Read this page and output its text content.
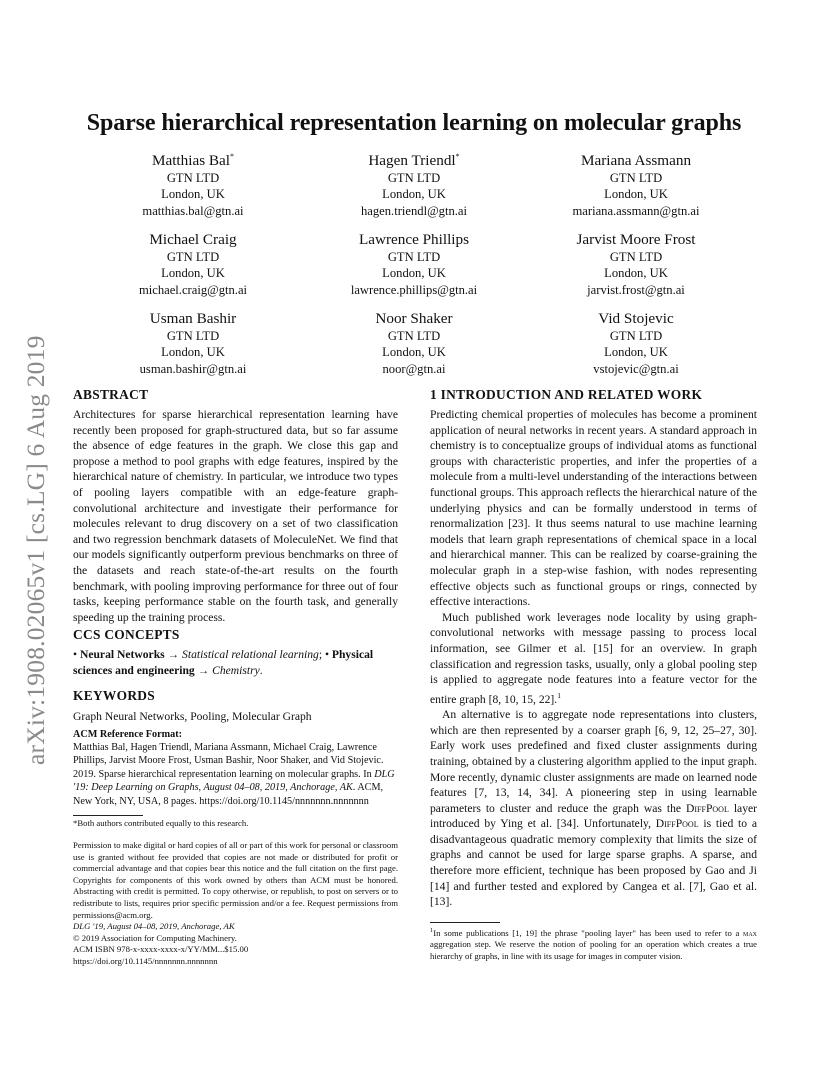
arXiv:1908.02065v1 [cs.LG] 6 Aug 2019
Sparse hierarchical representation learning on molecular graphs
Matthias Bal*
GTN LTD
London, UK
matthias.bal@gtn.ai
Hagen Triendl*
GTN LTD
London, UK
hagen.triendl@gtn.ai
Mariana Assmann
GTN LTD
London, UK
mariana.assmann@gtn.ai
Michael Craig
GTN LTD
London, UK
michael.craig@gtn.ai
Lawrence Phillips
GTN LTD
London, UK
lawrence.phillips@gtn.ai
Jarvist Moore Frost
GTN LTD
London, UK
jarvist.frost@gtn.ai
Usman Bashir
GTN LTD
London, UK
usman.bashir@gtn.ai
Noor Shaker
GTN LTD
London, UK
noor@gtn.ai
Vid Stojevic
GTN LTD
London, UK
vstojevic@gtn.ai
ABSTRACT

Architectures for sparse hierarchical representation learning have recently been proposed for graph-structured data, but so far assume the absence of edge features in the graph. We close this gap and propose a method to pool graphs with edge features, inspired by the hierarchical nature of chemistry. In particular, we introduce two types of pooling layers compatible with an edge-feature graph-convolutional architecture and investigate their performance for molecules relevant to drug discovery on a set of two classification and two regression benchmark datasets of MoleculeNet. We find that our models significantly outperform previous benchmarks on three of the datasets and reach state-of-the-art results on the fourth benchmark, with pooling improving performance for three out of four tasks, keeping performance stable on the fourth task, and generally speeding up the training process.

CCS CONCEPTS

• Neural Networks → Statistical relational learning; • Physical sciences and engineering → Chemistry.

KEYWORDS

Graph Neural Networks, Pooling, Molecular Graph

ACM Reference Format:

Matthias Bal, Hagen Triendl, Mariana Assmann, Michael Craig, Lawrence Phillips, Jarvist Moore Frost, Usman Bashir, Noor Shaker, and Vid Stojevic. 2019. Sparse hierarchical representation learning on molecular graphs. In DLG '19: Deep Learning on Graphs, August 04–08, 2019, Anchorage, AK. ACM, New York, NY, USA, 8 pages. https://doi.org/10.1145/nnnnnnn.nnnnnnn

*Both authors contributed equally to this research.

Permission to make digital or hard copies of all or part of this work for personal or classroom use is granted without fee provided that copies are not made or distributed for profit or commercial advantage and that copies bear this notice and the full citation on the first page. Copyrights for components of this work owned by others than ACM must be honored. Abstracting with credit is permitted. To copy otherwise, or republish, to post on servers or to redistribute to lists, requires prior specific permission and/or a fee. Request permissions from permissions@acm.org.

DLG '19, August 04–08, 2019, Anchorage, AK

© 2019 Association for Computing Machinery.

ACM ISBN 978-x-xxxx-xxxx-x/YY/MM...$15.00

https://doi.org/10.1145/nnnnnnn.nnnnnnn

1 INTRODUCTION AND RELATED WORK

Predicting chemical properties of molecules has become a prominent application of neural networks in recent years. A standard approach in chemistry is to conceptualize groups of individual atoms as functional groups with characteristic properties, and infer the properties of a molecule from a multi-level understanding of the interactions between functional groups. This approach reflects the hierarchical nature of the underlying physics and can be formally understood in terms of renormalization [23]. It thus seems natural to use machine learning models that learn graph representations of chemical space in a local and hierarchical manner. This can be realized by coarse-graining the molecular graph in a step-wise fashion, with nodes representing effective objects such as functional groups or rings, connected by effective interactions.

Much published work leverages node locality by using graph-convolutional networks with message passing to process local information, see Gilmer et al. [15] for an overview. In graph classification and regression tasks, usually, only a global pooling step is applied to aggregate node features into a feature vector for the entire graph [8, 10, 15, 22].$^1$

An alternative is to aggregate node representations into clusters, which are then represented by a coarser graph [6, 9, 12, 25–27, 30]. Early work uses predefined and fixed cluster assignments during training, obtained by a clustering algorithm applied to the input graph. More recently, dynamic cluster assignments are made on learned node features [7, 13, 14, 34]. A pioneering step in using learnable parameters to cluster and reduce the graph was the DiffPool layer introduced by Ying et al. [34]. Unfortunately, DiffPool is tied to a disadvantageous quadratic memory complexity that limits the size of graphs and cannot be used for large sparse graphs. A sparse, and therefore more efficient, technique has been proposed by Gao and Ji [14] and further tested and explored by Cangea et al. [7], Gao et al. [13].

$^1$In some publications [1, 19] the phrase "pooling layer" has been used to refer to a max aggregation step. We reserve the notion of pooling for an operation which creates a true hierarchy of graphs, in line with its usage for images in computer vision.
